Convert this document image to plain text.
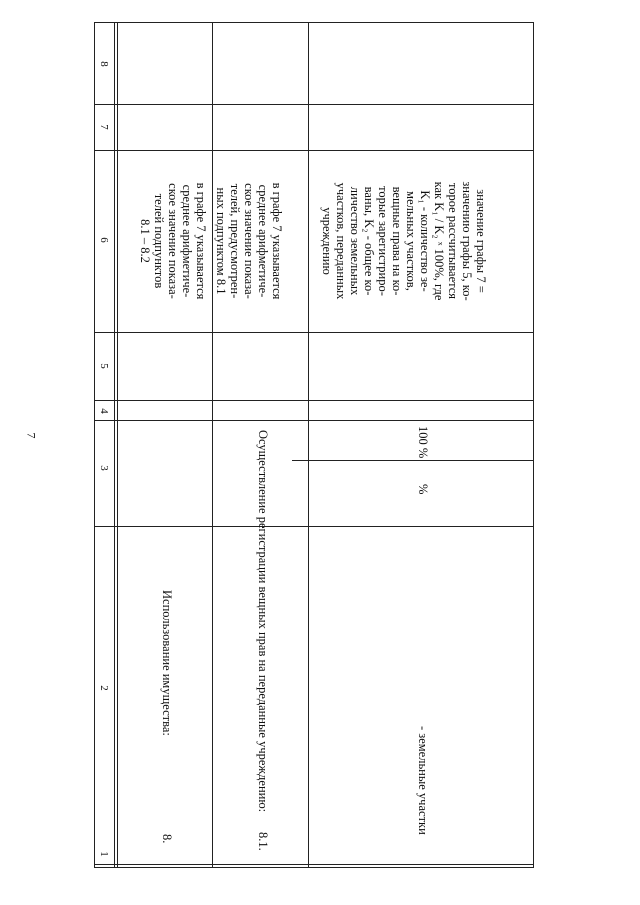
7
8
7
6
5
4
3
2
1
в графе 7 указывается
среднее арифметиче-
ское значение показа-
телей подпунктов
8.1 – 8.2
Использование имущества:
8.
в графе 7 указывается
среднее арифметиче-
ское значение показа-
телей, предусмотрен-
ных подпунктом 8.1
Осуществление регистрации вещных прав на переданные учреждению:
8.1.
значение графы 7 =
значению графы 5, ко-
торое рассчитывается
как K₁ / K₂ ˣ 100%, где
K₁ - количество зе-
мельных участков,
вещные права на ко-
торые зарегистриро-
ваны, K₂ - общее ко-
личество земельных
участков, переданных
учреждению
100 %
%
- земельные участки
